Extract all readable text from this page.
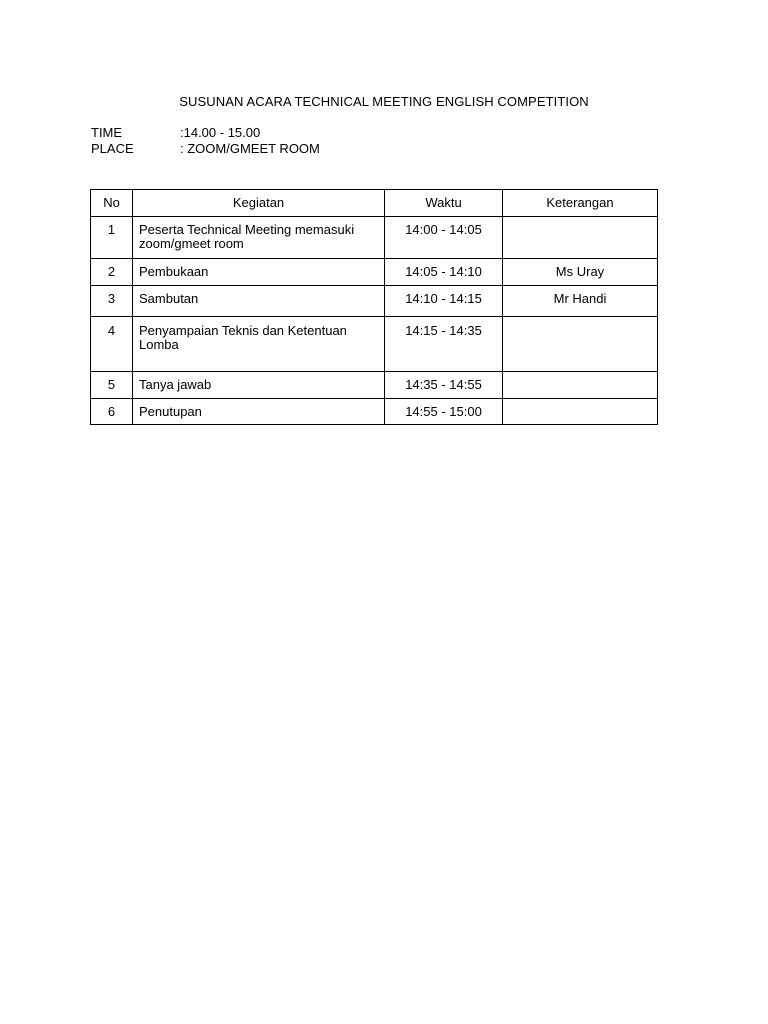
SUSUNAN ACARA TECHNICAL MEETING ENGLISH COMPETITION
TIME	:14.00 - 15.00
PLACE	: ZOOM/GMEET ROOM
No	Kegiatan	Waktu	Keterangan
1	Peserta Technical Meeting memasuki zoom/gmeet room	14:00 - 14:05	
2	Pembukaan	14:05 - 14:10	Ms Uray
3	Sambutan	14:10 - 14:15	Mr Handi
4	Penyampaian Teknis dan Ketentuan Lomba	14:15 - 14:35	
5	Tanya jawab	14:35 - 14:55	
6	Penutupan	14:55 - 15:00	
